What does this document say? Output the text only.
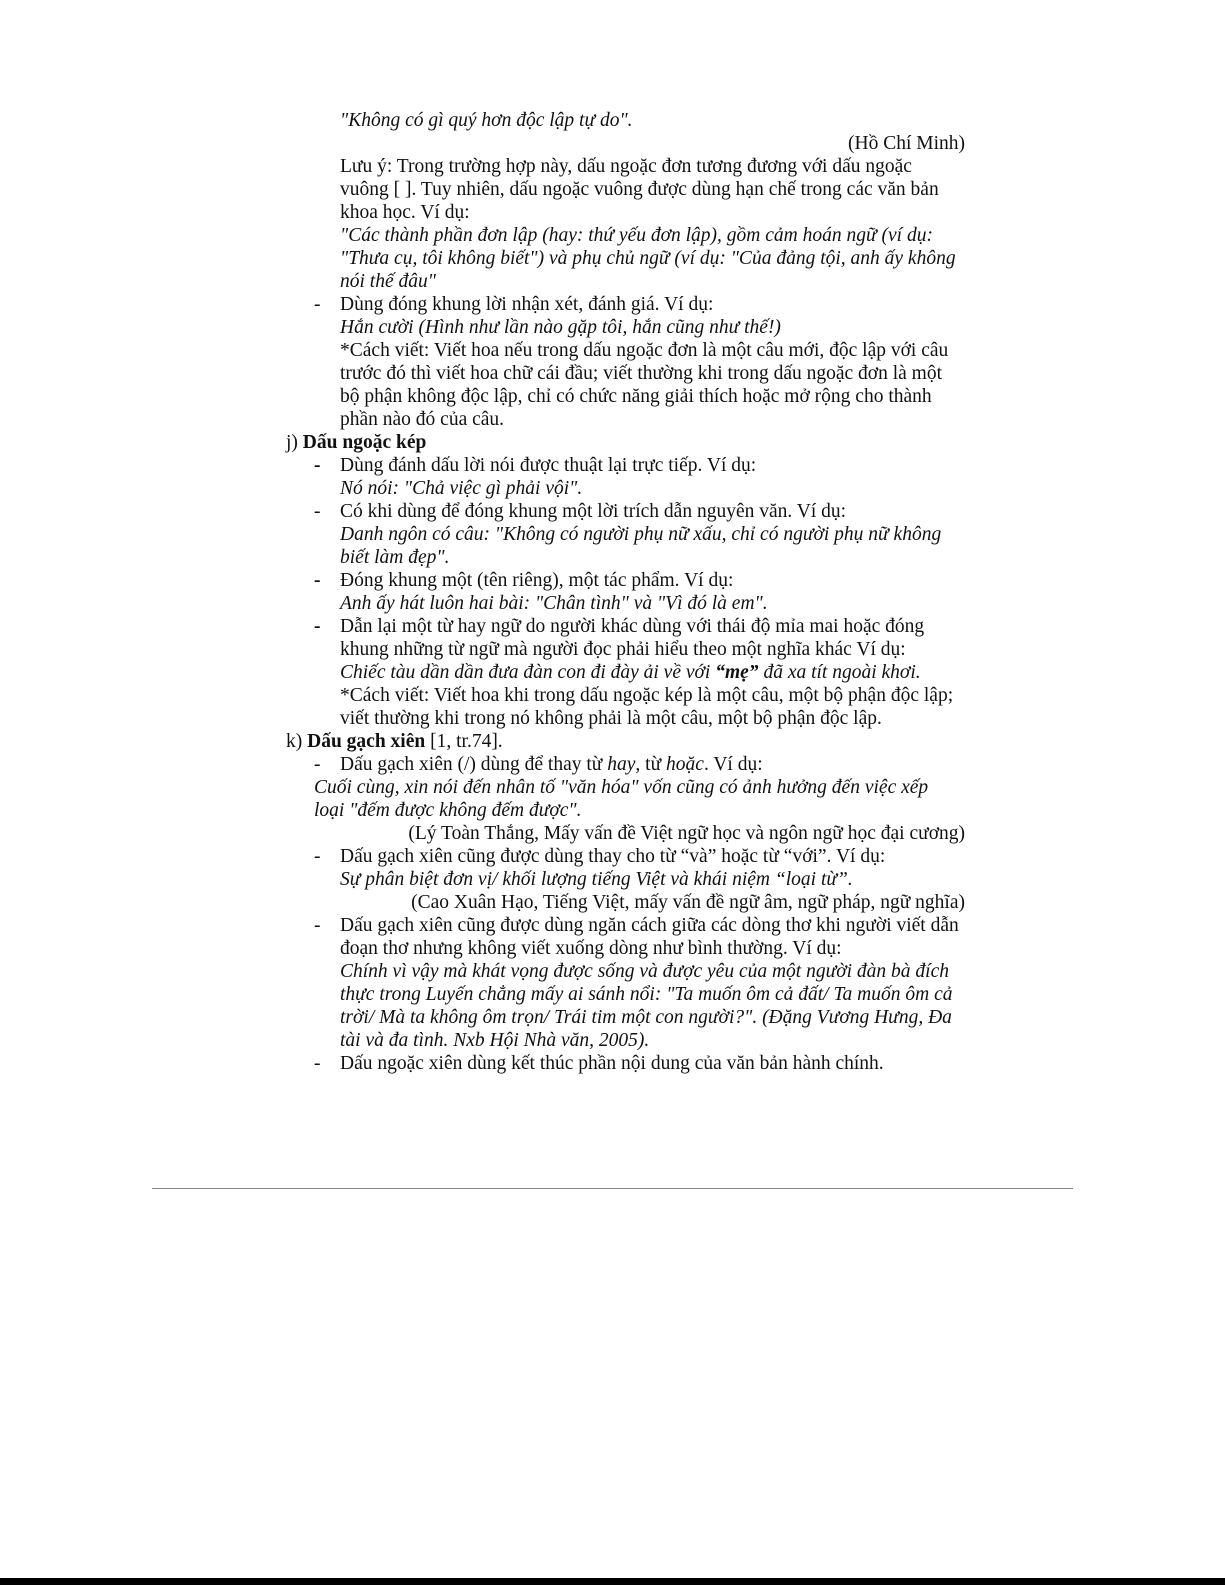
"Không có gì quý hơn độc lập tự do".
(Hồ Chí Minh)
Lưu ý: Trong trường hợp này, dấu ngoặc đơn tương đương với dấu ngoặc
vuông [ ]. Tuy nhiên, dấu ngoặc vuông được dùng hạn chế trong các văn bản
khoa học. Ví dụ:
"Các thành phần đơn lập (hay: thứ yếu đơn lập), gồm cảm hoán ngữ (ví dụ:
"Thưa cụ, tôi không biết") và phụ chủ ngữ (ví dụ: "Của đảng tội, anh ấy không
nói thế đâu"
- Dùng đóng khung lời nhận xét, đánh giá. Ví dụ:
Hắn cười (Hình như lần nào gặp tôi, hắn cũng như thế!)
*Cách viết: Viết hoa nếu trong dấu ngoặc đơn là một câu mới, độc lập với câu
trước đó thì viết hoa chữ cái đầu; viết thường khi trong dấu ngoặc đơn là một
bộ phận không độc lập, chỉ có chức năng giải thích hoặc mở rộng cho thành
phần nào đó của câu.
j) Dấu ngoặc kép
- Dùng đánh dấu lời nói được thuật lại trực tiếp. Ví dụ:
Nó nói: "Chả việc gì phải vội".
- Có khi dùng để đóng khung một lời trích dẫn nguyên văn. Ví dụ:
Danh ngôn có câu: "Không có người phụ nữ xấu, chỉ có người phụ nữ không
biết làm đẹp".
- Đóng khung một (tên riêng), một tác phẩm. Ví dụ:
Anh ấy hát luôn hai bài: "Chân tình" và "Vì đó là em".
- Dẫn lại một từ hay ngữ do người khác dùng với thái độ mỉa mai hoặc đóng
khung những từ ngữ mà người đọc phải hiểu theo một nghĩa khác Ví dụ:
Chiếc tàu dần dần đưa đàn con đi đày ải về với “mẹ” đã xa tít ngoài khơi.
*Cách viết: Viết hoa khi trong dấu ngoặc kép là một câu, một bộ phận độc lập;
viết thường khi trong nó không phải là một câu, một bộ phận độc lập.
k) Dấu gạch xiên [1, tr.74].
- Dấu gạch xiên (/) dùng để thay từ hay, từ hoặc. Ví dụ:
Cuối cùng, xin nói đến nhân tố "văn hóa" vốn cũng có ảnh hưởng đến việc xếp
loại "đếm được không đếm được".
(Lý Toàn Thắng, Mấy vấn đề Việt ngữ học và ngôn ngữ học đại cương)
- Dấu gạch xiên cũng được dùng thay cho từ “và” hoặc từ “với”. Ví dụ:
Sự phân biệt đơn vị/ khối lượng tiếng Việt và khái niệm “loại từ”.
(Cao Xuân Hạo, Tiếng Việt, mấy vấn đề ngữ âm, ngữ pháp, ngữ nghĩa)
- Dấu gạch xiên cũng được dùng ngăn cách giữa các dòng thơ khi người viết dẫn
đoạn thơ nhưng không viết xuống dòng như bình thường. Ví dụ:
Chính vì vậy mà khát vọng được sống và được yêu của một người đàn bà đích
thực trong Luyến chẳng mấy ai sánh nổi: "Ta muốn ôm cả đất/ Ta muốn ôm cả
trời/ Mà ta không ôm trọn/ Trái tim một con người?". (Đặng Vương Hưng, Đa
tài và đa tình. Nxb Hội Nhà văn, 2005).
- Dấu ngoặc xiên dùng kết thúc phần nội dung của văn bản hành chính.
